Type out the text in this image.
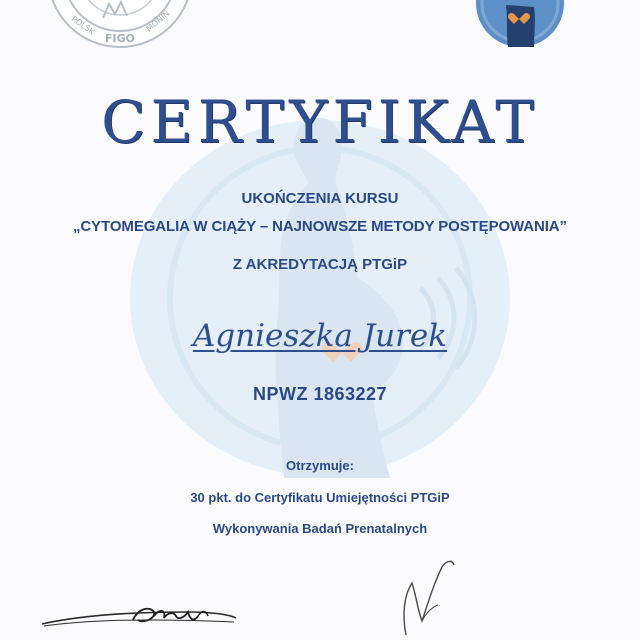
POLSK
FIGO
MONIN
CERTYFIKAT
UKOŃCZENIA KURSU
„CYTOMEGALIA W CIĄŻY – NAJNOWSZE METODY POSTĘPOWANIA”
Z AKREDYTACJĄ PTGiP
Agnieszka Jurek
NPWZ 1863227
Otrzymuje:
30 pkt. do Certyfikatu Umiejętności PTGiP
Wykonywania Badań Prenatalnych
